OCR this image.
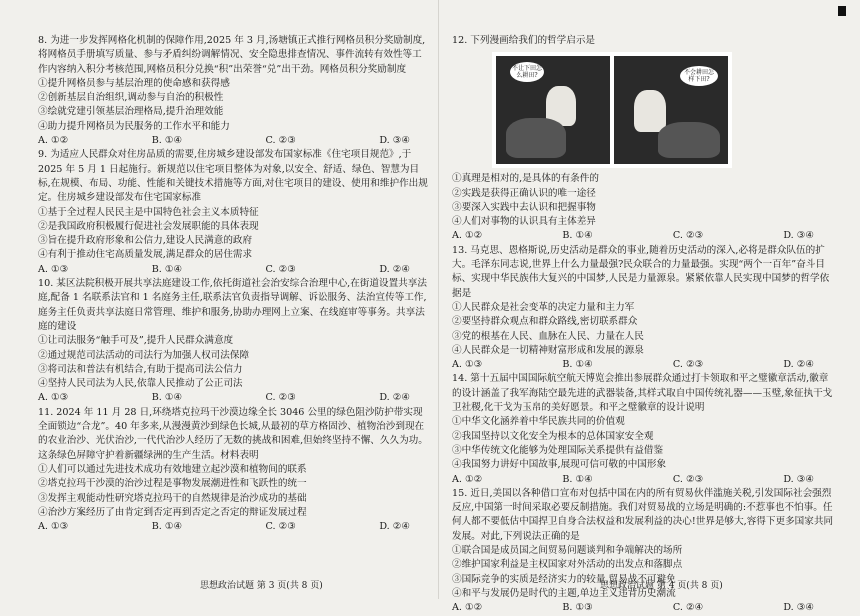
8. 为进一步发挥网格化机制的保障作用,2025 年 3 月,汤塘镇正式推行网格员积分奖励制度,将网格员手册填写质量、参与矛盾纠纷调解情况、安全隐患排查情况、事件流转有效性等工作内容纳入积分考核范围,网格员积分兑换“积”出荣誉“兑”出干劲。网格员积分奖励制度

①提升网格员参与基层治理的使命感和获得感

②创新基层自治组织,调动参与自治的积极性

③绘就党建引领基层治理格局,提升治理效能

④助力提升网格员为民服务的工作水平和能力

A. ①②	B. ①④	C. ②③	D. ③④

9. 为适应人民群众对住房品质的需要,住房城乡建设部发布国家标准《住宅项目规范》,于 2025 年 5 月 1 日起施行。新规范以住宅项目整体为对象,以安全、舒适、绿色、智慧为目标,在规模、布局、功能、性能和关键技术措施等方面,对住宅项目的建设、使用和维护作出规定。住房城乡建设部发布住宅国家标准

①基于全过程人民民主是中国特色社会主义本质特征

②是我国政府积极履行促进社会发展职能的具体表现

③旨在提升政府形象和公信力,建设人民满意的政府

④有利于推动住宅高质量发展,满足群众的居住需求

A. ①③	B. ①④	C. ②③	D. ②④

10. 某区法院积极开展共享法庭建设工作,依托街道社会治安综合治理中心,在街道设置共享法庭,配备 1 名联系法官和 1 名庭务主任,联系法官负责指导调解、诉讼服务、法治宣传等工作,庭务主任负责共享法庭日常管理、维护和服务,协助办理网上立案、在线庭审等事务。共享法庭的建设

①让司法服务“触手可及”,提升人民群众满意度

②通过规范司法活动的司法行为加强人权司法保障

③将司法和普法有机结合,有助于提高司法公信力

④坚持人民司法为人民,依靠人民推动了公正司法

A. ①③	B. ①④	C. ②③	D. ②④

11. 2024 年 11 月 28 日,环绕塔克拉玛干沙漠边缘全长 3046 公里的绿色阻沙防护带实现全面锁边“合龙”。40 年多来,从漫漫黄沙到绿色长城,从最初的草方格固沙、植物治沙到现在的农业治沙、光伏治沙,一代代治沙人经历了无数的挑战和困难,但始终坚持不懈、久久为功。这条绿色屏障守护着新疆绿洲的生产生活。材料表明

①人们可以通过先进技术成功有效地建立起沙漠和植物间的联系

②塔克拉玛干沙漠的治沙过程是事物发展潮进性和飞跃性的统一

③发挥主观能动性研究塔克拉玛干的自然规律是治沙成功的基础

④治沙方案经历了由肯定到否定再到否定之否定的辩证发展过程

A. ①③	B. ①④	C. ②③	D. ②④

12. 下列漫画给我们的哲学启示是

不让下田怎么耕田?	不会耕田怎样下田?

①真理是相对的,是具体的有条件的

②实践是获得正确认识的唯一途径

③要深入实践中去认识和把握事物

④人们对事物的认识具有主体差异

A. ①②	B. ①④	C. ②③	D. ③④

13. 马克思、恩格斯说,历史活动是群众的事业,随着历史活动的深入,必将是群众队伍的扩大。毛泽东同志说,世界上什么力量最强?民众联合的力量最强。实现“两个一百年”奋斗目标、实现中华民族伟大复兴的中国梦,人民是力量源泉。紧紧依靠人民实现中国梦的哲学依据是

①人民群众是社会变革的决定力量和主力军

②要坚持群众观点和群众路线,密切联系群众

③党的根基在人民、血脉在人民、力量在人民

④人民群众是一切精神财富形成和发展的源泉

A. ①③	B. ①④	C. ②③	D. ②④

14. 第十五届中国国际航空航天博览会推出参展群众通过打卡领取和平之璧徽章活动,徽章的设计涵盖了我军海陆空最先进的武器装备,其样式取自中国传统礼器——玉璧,象征执干戈卫社稷,化干戈为玉帛的美好愿景。和平之璧徽章的设计说明

①中华文化涵养着中华民族共同的价值观

②我国坚持以文化安全为根本的总体国家安全观

③中华传统文化能够为处理国际关系提供有益借鉴

④我国努力讲好中国故事,展现可信可敬的中国形象

A. ①②	B. ①④	C. ②③	D. ③④

15. 近日,美国以各种借口宣布对包括中国在内的所有贸易伙伴滥施关税,引发国际社会强烈反应,中国第一时间采取必要反制措施。我们对贸易战的立场是明确的:不惹事也不怕事。任何人都不要低估中国捍卫自身合法权益和发展利益的决心!世界是够大,容得下更多国家共同发展。对此,下列说法正确的是

①联合国是成员国之间贸易问题谈判和争端解决的场所

②维护国家利益是主权国家对外活动的出发点和落脚点

③国际竞争的实质是经济实力的较量,贸易战不可避免

④和平与发展仍是时代的主题,单边主义违背历史潮流

A. ①②	B. ①③	C. ②④	D. ③④
思想政治试题 第 3 页(共 8 页)	思想政治试题 第 4 页(共 8 页)
